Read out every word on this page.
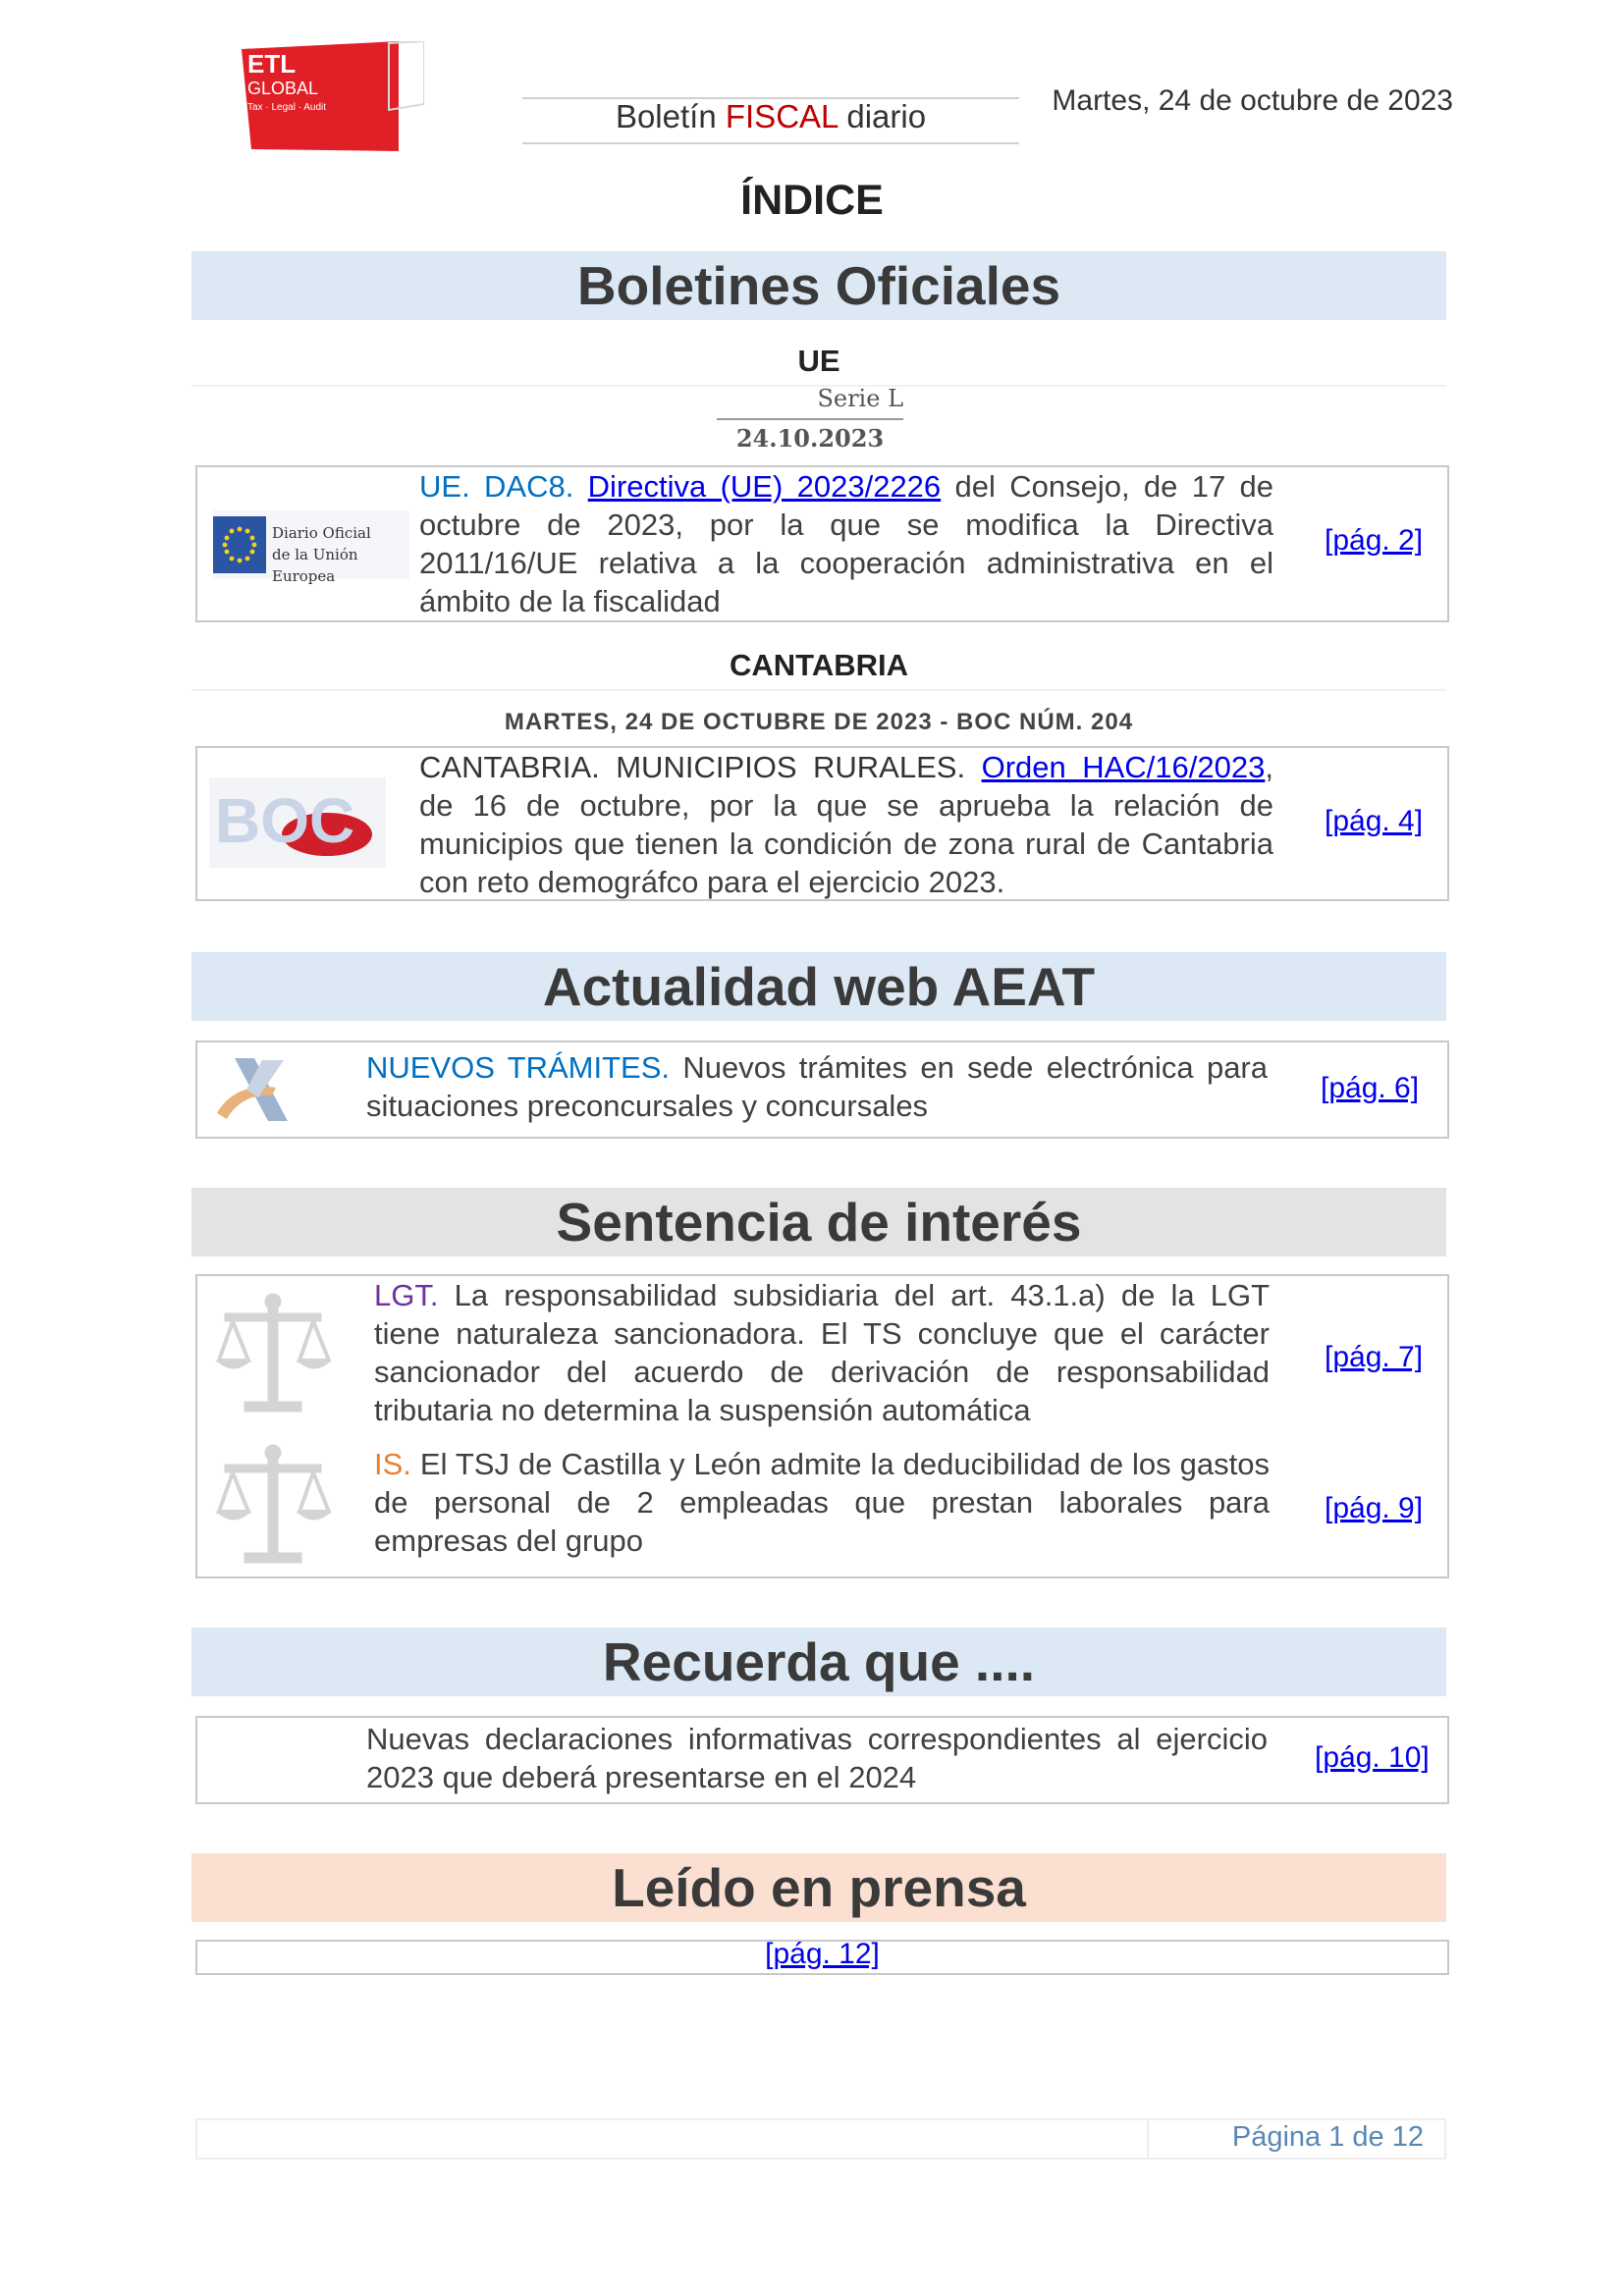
ETL
GLOBAL
Tax · Legal · Audit	Boletín FISCAL diario	Martes, 24 de octubre de 2023
ÍNDICE
Boletines Oficiales
UE
Serie L
24.10.2023
Diario Oficial
de la Unión Europea
UE. DAC8. Directiva (UE) 2023/2226 del Consejo, de 17 de octubre de 2023, por la que se modifica la Directiva 2011/16/UE relativa a la cooperación administrativa en el ámbito de la fiscalidad
[pág. 2]
CANTABRIA
MARTES, 24 DE OCTUBRE DE 2023 - BOC NÚM. 204
BOC
CANTABRIA. MUNICIPIOS RURALES. Orden HAC/16/2023, de 16 de octubre, por la que se aprueba la relación de municipios que tienen la condición de zona rural de Cantabria con reto demográfco para el ejercicio 2023.
[pág. 4]
Actualidad web AEAT
NUEVOS TRÁMITES. Nuevos trámites en sede electrónica para situaciones preconcursales y concursales
[pág. 6]
Sentencia de interés
LGT. La responsabilidad subsidiaria del art. 43.1.a) de la LGT tiene naturaleza sancionadora. El TS concluye que el carácter sancionador del acuerdo de derivación de responsabilidad tributaria no determina la suspensión automática
[pág. 7]
IS. El TSJ de Castilla y León admite la deducibilidad de los gastos de personal de 2 empleadas que prestan laborales para empresas del grupo
[pág. 9]
Recuerda que ....
Nuevas declaraciones informativas correspondientes al ejercicio 2023 que deberá presentarse en el 2024
[pág. 10]
Leído en prensa
[pág. 12]
Página 1 de 12
